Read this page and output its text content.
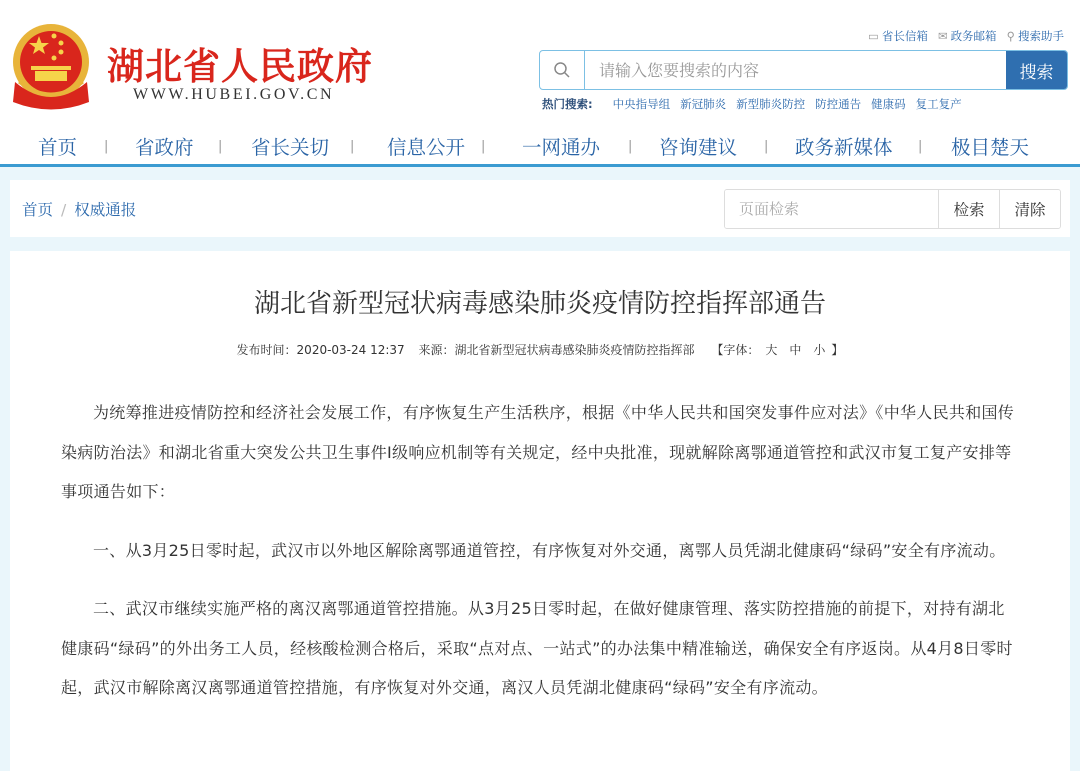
湖北省人民政府
WWW.HUBEI.GOV.CN
▭ 省长信箱 ✉ 政务邮箱 ⚲ 搜索助手
请输入您要搜索的内容
搜索
热门搜索: 中央指导组 新冠肺炎 新型肺炎防控 防控通告 健康码 复工复产
首页 | 省政府 | 省长关切 | 信息公开 | 一网通办 | 咨询建议 | 政务新媒体 | 极目楚天
首页 / 权威通报
页面检索	检索	清除
湖北省新型冠状病毒感染肺炎疫情防控指挥部通告
发布时间：2020-03-24 12:37 来源：湖北省新型冠状病毒感染肺炎疫情防控指挥部 【字体： 大 中 小 】

为统筹推进疫情防控和经济社会发展工作，有序恢复生产生活秩序，根据《中华人民共和国突发事件应对法》《中华人民共和国传染病防治法》和湖北省重大突发公共卫生事件I级响应机制等有关规定，经中央批准，现就解除离鄂通道管控和武汉市复工复产安排等事项通告如下：

一、从3月25日零时起，武汉市以外地区解除离鄂通道管控，有序恢复对外交通，离鄂人员凭湖北健康码“绿码”安全有序流动。

二、武汉市继续实施严格的离汉离鄂通道管控措施。从3月25日零时起，在做好健康管理、落实防控措施的前提下，对持有湖北健康码“绿码”的外出务工人员，经核酸检测合格后，采取“点对点、一站式”的办法集中精准输送，确保安全有序返岗。从4月8日零时起，武汉市解除离汉离鄂通道管控措施，有序恢复对外交通，离汉人员凭湖北健康码“绿码”安全有序流动。
